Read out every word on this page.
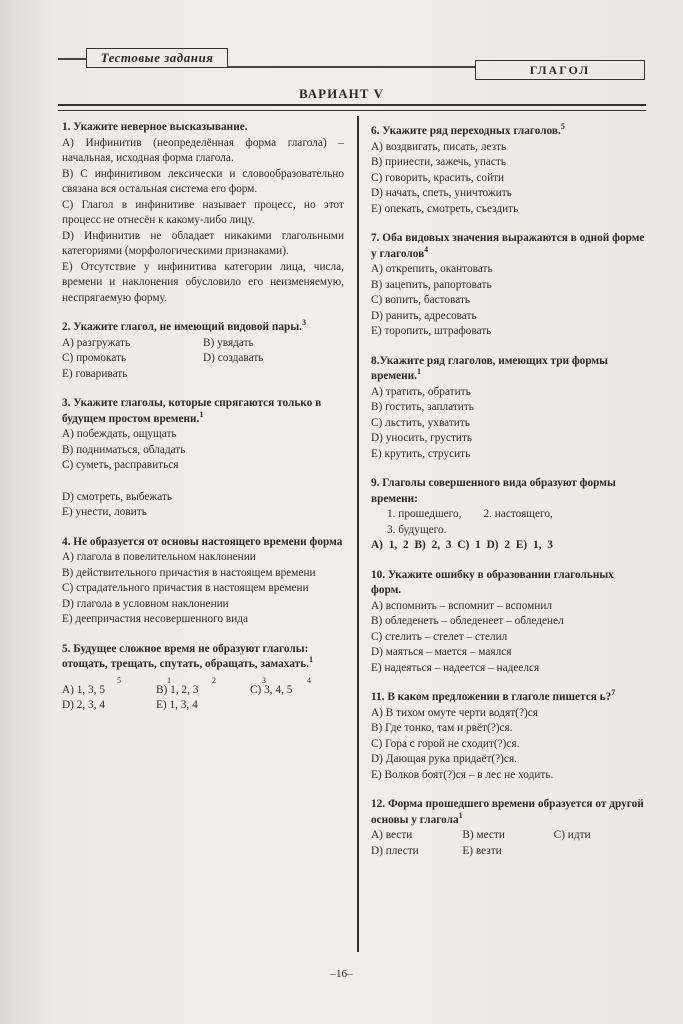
Тестовые задания
ГЛАГОЛ
ВАРИАНТ V

1. Укажите неверное высказывание.

A) Инфинитив (неопределённая форма глагола) – начальная, исходная форма глагола.

B) С инфинитивом лексически и словообразовательно связана вся остальная система его форм.

C) Глагол в инфинитиве называет процесс, но этот процесс не отнесён к какому-либо лицу.

D) Инфинитив не обладает никакими глагольными категориями (морфологическими признаками).

E) Отсутствие у инфинитива категории лица, числа, времени и наклонения обусловило его неизменяемую, неспрягаемую форму.

2. Укажите глагол, не имеющий видовой пары.$^3$

A) разгружать	B) увядать

C) промокать	D) создавать

E) говаривать

3. Укажите глаголы, которые спрягаются только в будущем простом времени.$^1$

A) побеждать, ощущать

B) подниматься, обладать

C) суметь, расправиться

D) смотреть, выбежать

E) унести, ловить

4. Не образуется от основы настоящего времени форма

A) глагола в повелительном наклонении

B) действительного причастия в настоящем времени

C) страдательного причастия в настоящем времени

D) глагола в условном наклонении

E) деепричастия несовершенного вида

5. Будущее сложное время не образуют глаголы: отощать, трещать, спутать, обращать, замахать.$^1$

1	2	3	4
5

A) 1, 3, 5	B) 1, 2, 3	C) 3, 4, 5

D) 2, 3, 4	E) 1, 3, 4

6. Укажите ряд переходных глаголов.$^5$

A) воздвигать, писать, лезть

B) принести, зажечь, упасть

C) говорить, красить, сойти

D) начать, спеть, уничтожить

E) опекать, смотреть, съездить

7. Оба видовых значения выражаются в одной форме у глаголов$^4$

A) открепить, окантовать

B) зацепить, рапортовать

C) вопить, бастовать

D) ранить, адресовать

E) торопить, штрафовать

8.Укажите ряд глаголов, имеющих три формы времени.$^1$

A) тратить, обратить

B) гостить, заплатить

C) льстить, ухватить

D) уносить, грустить

E) крутить, струсить

9. Глаголы совершенного вида образуют формы времени:

1. прошедшего, 2. настоящего,

3. будущего.

A) 1, 2 B) 2, 3 C) 1 D) 2 E) 1, 3

10. Укажите ошибку в образовании глагольных форм.

A) вспомнить – вспомнит – вспомнил

B) обледенеть – обледенеет – обледенел

C) стелить – стелет – стелил

D) маяться – мается – маялся

E) надеяться – надеется – надеелся

11. В каком предложении в глаголе пишется ь?$^7$

A) В тихом омуте черти водят(?)ся

B) Где тонко, там и рвёт(?)ся.

C) Гора с горой не сходит(?)ся.

D) Дающая рука придаёт(?)ся.

E) Волков боят(?)ся – в лес не ходить.

12. Форма прошедшего времени образуется от другой основы у глагола$^1$

A) вести	B) мести	C) идти

D) плести	E) везти

–16–
